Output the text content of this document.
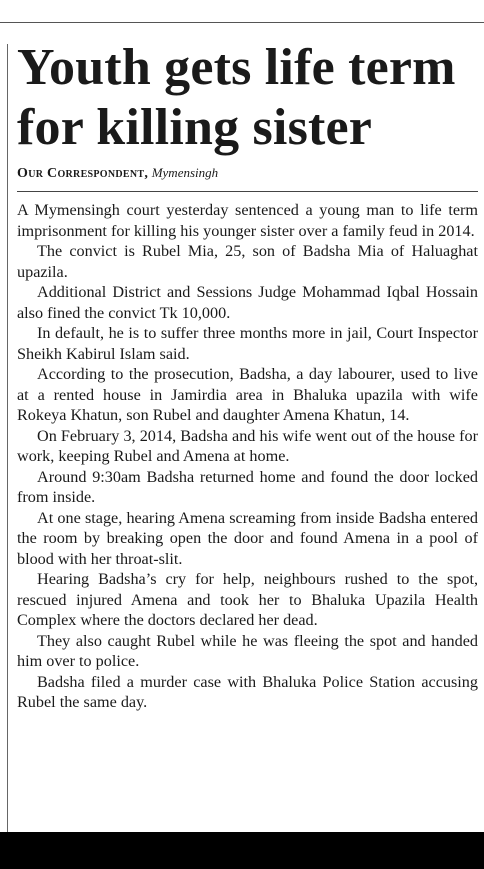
Youth gets life term for killing sister
Our Correspondent, Mymensingh

A Mymensingh court yesterday sentenced a young man to life term imprisonment for killing his younger sister over a family feud in 2014.

The convict is Rubel Mia, 25, son of Badsha Mia of Haluaghat upazila.

Additional District and Sessions Judge Mohammad Iqbal Hossain also fined the convict Tk 10,000.

In default, he is to suffer three months more in jail, Court Inspector Sheikh Kabirul Islam said.

According to the prosecution, Badsha, a day labourer, used to live at a rented house in Jamirdia area in Bhaluka upazila with wife Rokeya Khatun, son Rubel and daughter Amena Khatun, 14.

On February 3, 2014, Badsha and his wife went out of the house for work, keeping Rubel and Amena at home.

Around 9:30am Badsha returned home and found the door locked from inside.

At one stage, hearing Amena screaming from inside Badsha entered the room by breaking open the door and found Amena in a pool of blood with her throat-slit.

Hearing Badsha’s cry for help, neighbours rushed to the spot, rescued injured Amena and took her to Bhaluka Upazila Health Complex where the doctors declared her dead.

They also caught Rubel while he was fleeing the spot and handed him over to police.

Badsha filed a murder case with Bhaluka Police Station accusing Rubel the same day.
